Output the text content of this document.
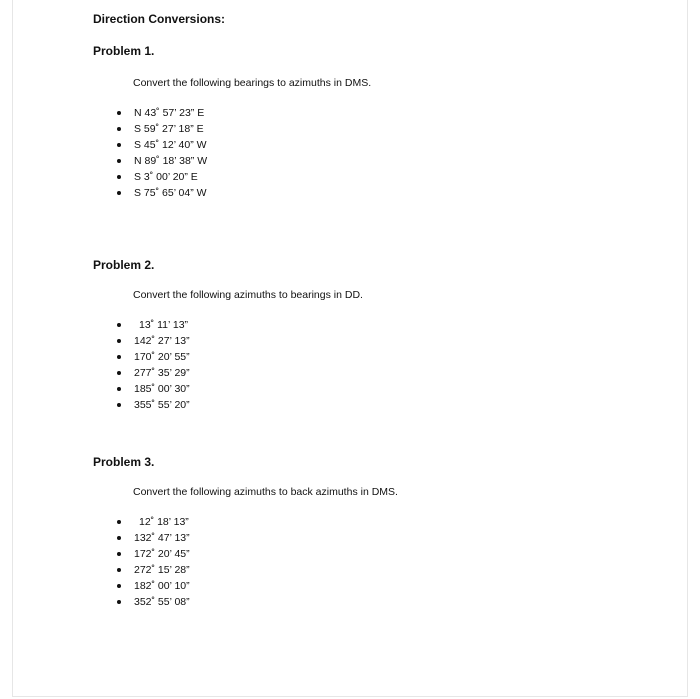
Direction Conversions:
Problem 1.

Convert the following bearings to azimuths in DMS.

N 43˚ 57’ 23” E
S 59˚ 27’ 18” E
S 45˚ 12’ 40” W
N 89˚ 18’ 38” W
S 3˚ 00’ 20” E
S 75˚ 65’ 04” W
Problem 2.

Convert the following azimuths to bearings in DD.

13˚ 11’ 13”
142˚ 27’ 13”
170˚ 20’ 55”
277˚ 35’ 29”
185˚ 00’ 30”
355˚ 55’ 20”
Problem 3.

Convert the following azimuths to back azimuths in DMS.

12˚ 18’ 13”
132˚ 47’ 13”
172˚ 20’ 45”
272˚ 15’ 28”
182˚ 00’ 10”
352˚ 55’ 08”
